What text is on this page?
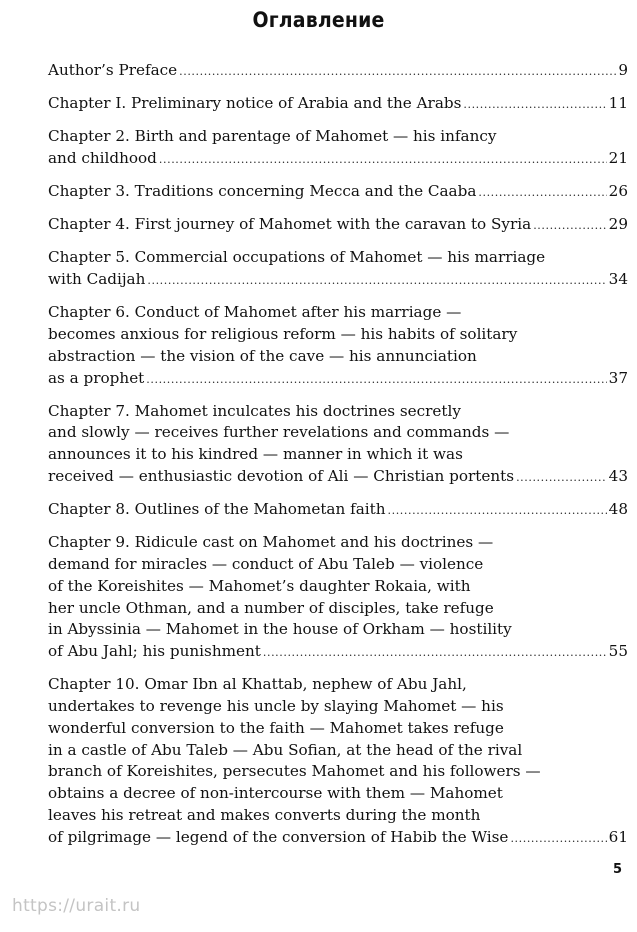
Оглавление
Author’s Preface .....	9
Chapter I. Preliminary notice of Arabia and the Arabs .....	11
Chapter 2. Birth and parentage of Mahomet — his infancy
and childhood .....	21
Chapter 3. Traditions concerning Mecca and the Caaba .....	26
Chapter 4. First journey of Mahomet with the caravan to Syria .....	29
Chapter 5. Commercial occupations of Mahomet — his marriage
with Cadijah .....	34
Chapter 6. Conduct of Mahomet after his marriage —
becomes anxious for religious reform — his habits of solitary
abstraction — the vision of the cave — his annunciation
as a prophet .....	37
Chapter 7. Mahomet inculcates his doctrines secretly
and slowly — receives further revelations and commands —
announces it to his kindred — manner in which it was
received — enthusiastic devotion of Ali — Christian portents .....	43
Chapter 8. Outlines of the Mahometan faith .....	48
Chapter 9. Ridicule cast on Mahomet and his doctrines —
demand for miracles — conduct of Abu Taleb — violence
of the Koreishites — Mahomet’s daughter Rokaia, with
her uncle Othman, and a number of disciples, take refuge
in Abyssinia — Mahomet in the house of Orkham — hostility
of Abu Jahl; his punishment .....	55
Chapter 10. Omar Ibn al Khattab, nephew of Abu Jahl,
undertakes to revenge his uncle by slaying Mahomet — his
wonderful conversion to the faith — Mahomet takes refuge
in a castle of Abu Taleb — Abu Sofian, at the head of the rival
branch of Koreishites, persecutes Mahomet and his followers —
obtains a decree of non-intercourse with them — Mahomet
leaves his retreat and makes converts during the month
of pilgrimage — legend of the conversion of Habib the Wise .....	61
5
https://urait.ru
